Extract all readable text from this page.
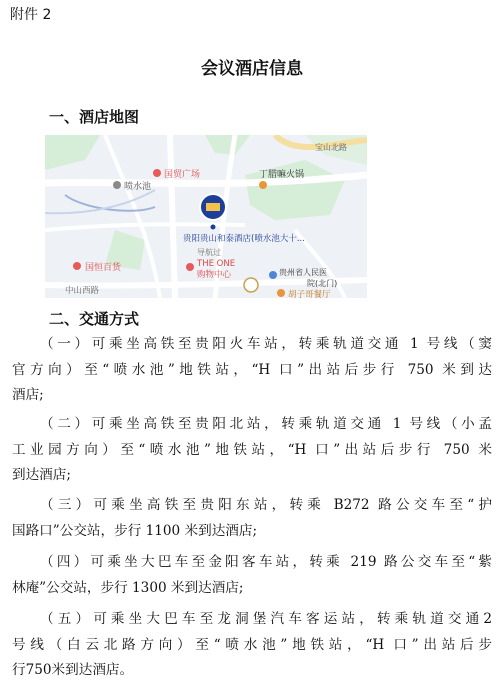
附件 2
会议酒店信息
一、酒店地图
国贸广场
喷水池
丁腊嘛火锅
贵阳贵山和泰酒店(喷水池大十...
导航过
国恒百货	THE ONE
购物中心
中山西路
贵州省人民医
院(北门)
胡子哥餐厅
宝山北路
二、交通方式
（一）可乘坐高铁至贵阳火车站，转乘轨道交通 1 号线（窦
官方向）至“喷水池”地铁站，“H 口”出站后步行 750 米到达
酒店;
（二）可乘坐高铁至贵阳北站，转乘轨道交通 1 号线（小孟
工业园方向）至“喷水池”地铁站，“H 口”出站后步行 750 米
到达酒店;
（三）可乘坐高铁至贵阳东站，转乘 B272 路公交车至“护
国路口”公交站，步行 1100 米到达酒店;
（四）可乘坐大巴车至金阳客车站，转乘 219 路公交车至“紫
林庵”公交站，步行 1300 米到达酒店;
（五）可乘坐大巴车至龙洞堡汽车客运站，转乘轨道交通2
号线（白云北路方向）至“喷水池”地铁站，“H 口”出站后步
行750米到达酒店。
